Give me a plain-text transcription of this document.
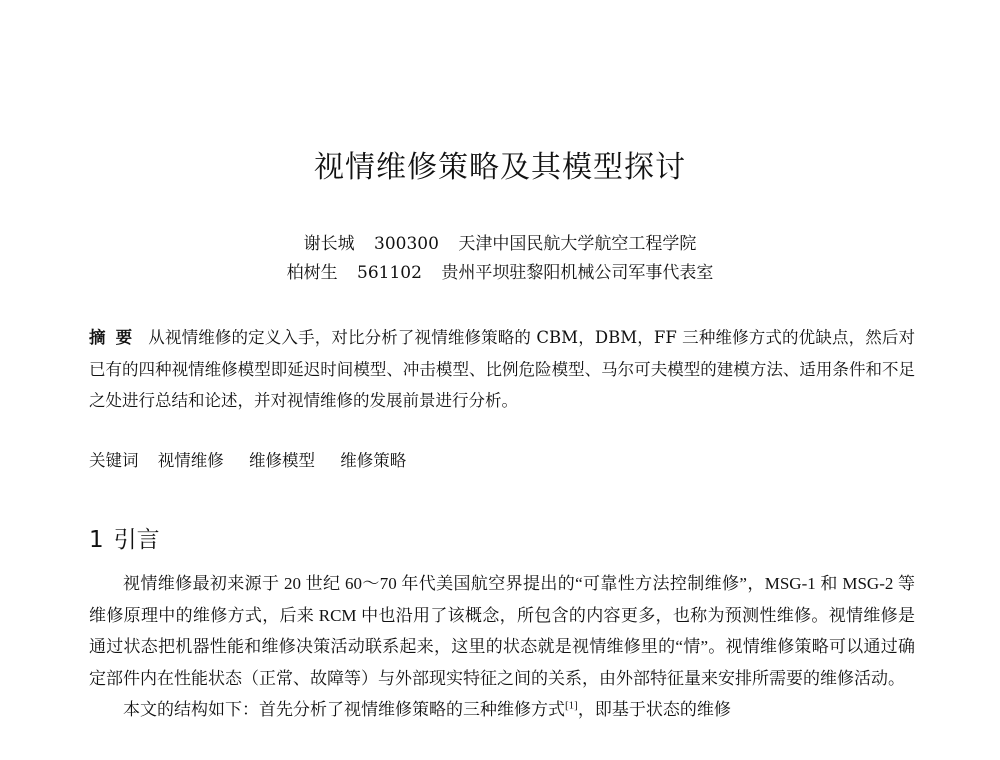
视情维修策略及其模型探讨
谢长城 300300 天津中国民航大学航空工程学院
柏树生 561102 贵州平坝驻黎阳机械公司军事代表室
摘要 从视情维修的定义入手，对比分析了视情维修策略的 CBM，DBM，FF 三种维修方式的优缺点，然后对已有的四种视情维修模型即延迟时间模型、冲击模型、比例危险模型、马尔可夫模型的建模方法、适用条件和不足之处进行总结和论述，并对视情维修的发展前景进行分析。
关键词 视情维修 维修模型 维修策略
1 引言

视情维修最初来源于 20 世纪 60～70 年代美国航空界提出的“可靠性方法控制维修”，MSG-1 和 MSG-2 等维修原理中的维修方式，后来 RCM 中也沿用了该概念，所包含的内容更多，也称为预测性维修。视情维修是通过状态把机器性能和维修决策活动联系起来，这里的状态就是视情维修里的“情”。视情维修策略可以通过确定部件内在性能状态（正常、故障等）与外部现实特征之间的关系，由外部特征量来安排所需要的维修活动。

本文的结构如下：首先分析了视情维修策略的三种维修方式[1]，即基于状态的维修
